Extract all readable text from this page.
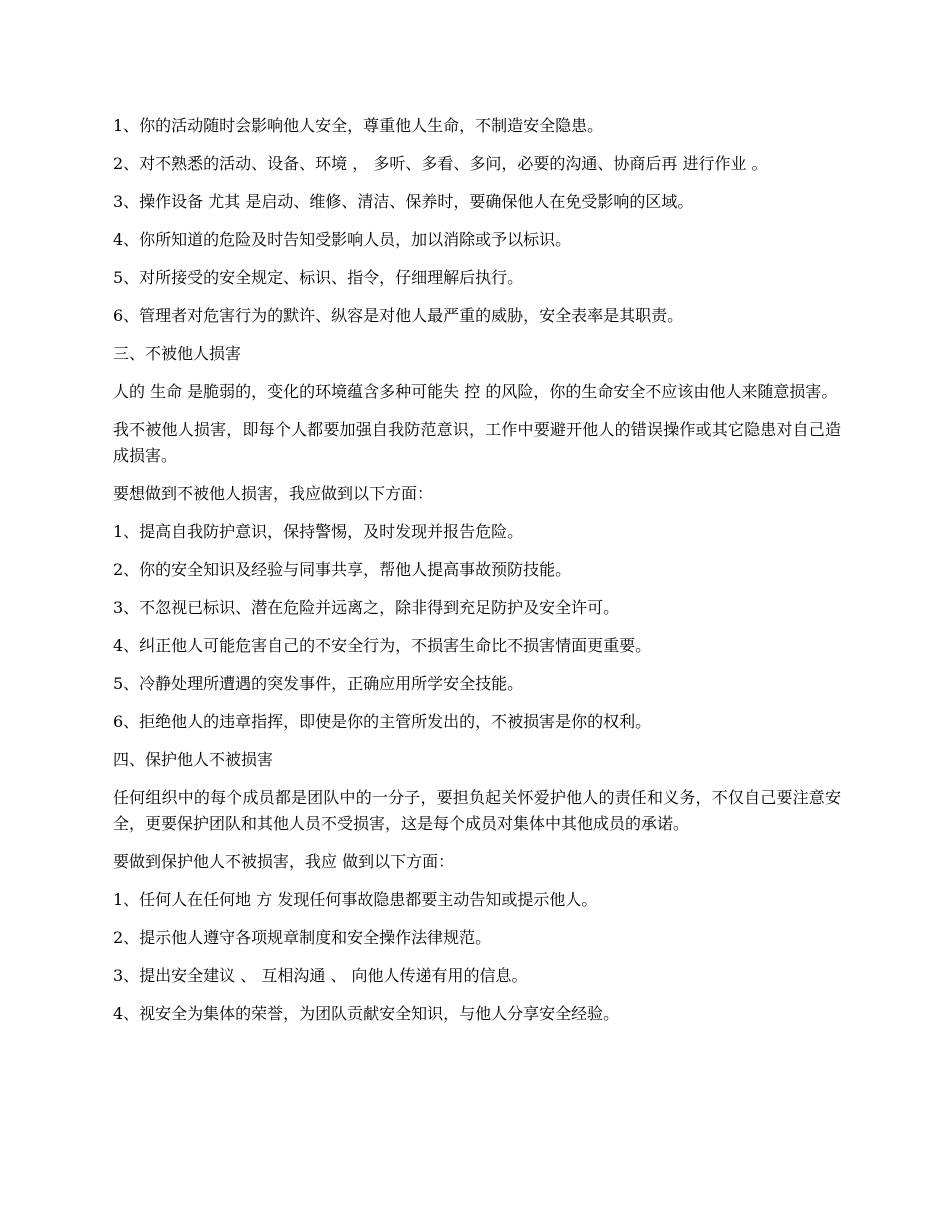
1、你的活动随时会影响他人安全，尊重他人生命，不制造安全隐患。

2、对不熟悉的活动、设备、环境 ， 多听、多看、多问，必要的沟通、协商后再 进行作业 。

3、操作设备 尤其 是启动、维修、清洁、保养时，要确保他人在免受影响的区域。

4、你所知道的危险及时告知受影响人员，加以消除或予以标识。

5、对所接受的安全规定、标识、指令，仔细理解后执行。

6、管理者对危害行为的默许、纵容是对他人最严重的威胁，安全表率是其职责。

三、不被他人损害

人的 生命 是脆弱的，变化的环境蕴含多种可能失 控 的风险，你的生命安全不应该由他人来随意损害。

我不被他人损害，即每个人都要加强自我防范意识，工作中要避开他人的错误操作或其它隐患对自己造成损害。

要想做到不被他人损害，我应做到以下方面：

1、提高自我防护意识，保持警惕，及时发现并报告危险。

2、你的安全知识及经验与同事共享，帮他人提高事故预防技能。

3、不忽视已标识、潜在危险并远离之，除非得到充足防护及安全许可。

4、纠正他人可能危害自己的不安全行为，不损害生命比不损害情面更重要。

5、冷静处理所遭遇的突发事件，正确应用所学安全技能。

6、拒绝他人的违章指挥，即使是你的主管所发出的，不被损害是你的权利。

四、保护他人不被损害

任何组织中的每个成员都是团队中的一分子，要担负起关怀爱护他人的责任和义务，不仅自己要注意安全，更要保护团队和其他人员不受损害，这是每个成员对集体中其他成员的承诺。

要做到保护他人不被损害，我应 做到以下方面：

1、任何人在任何地 方 发现任何事故隐患都要主动告知或提示他人。

2、提示他人遵守各项规章制度和安全操作法律规范。

3、提出安全建议 、 互相沟通 、 向他人传递有用的信息。

4、视安全为集体的荣誉，为团队贡献安全知识，与他人分享安全经验。
